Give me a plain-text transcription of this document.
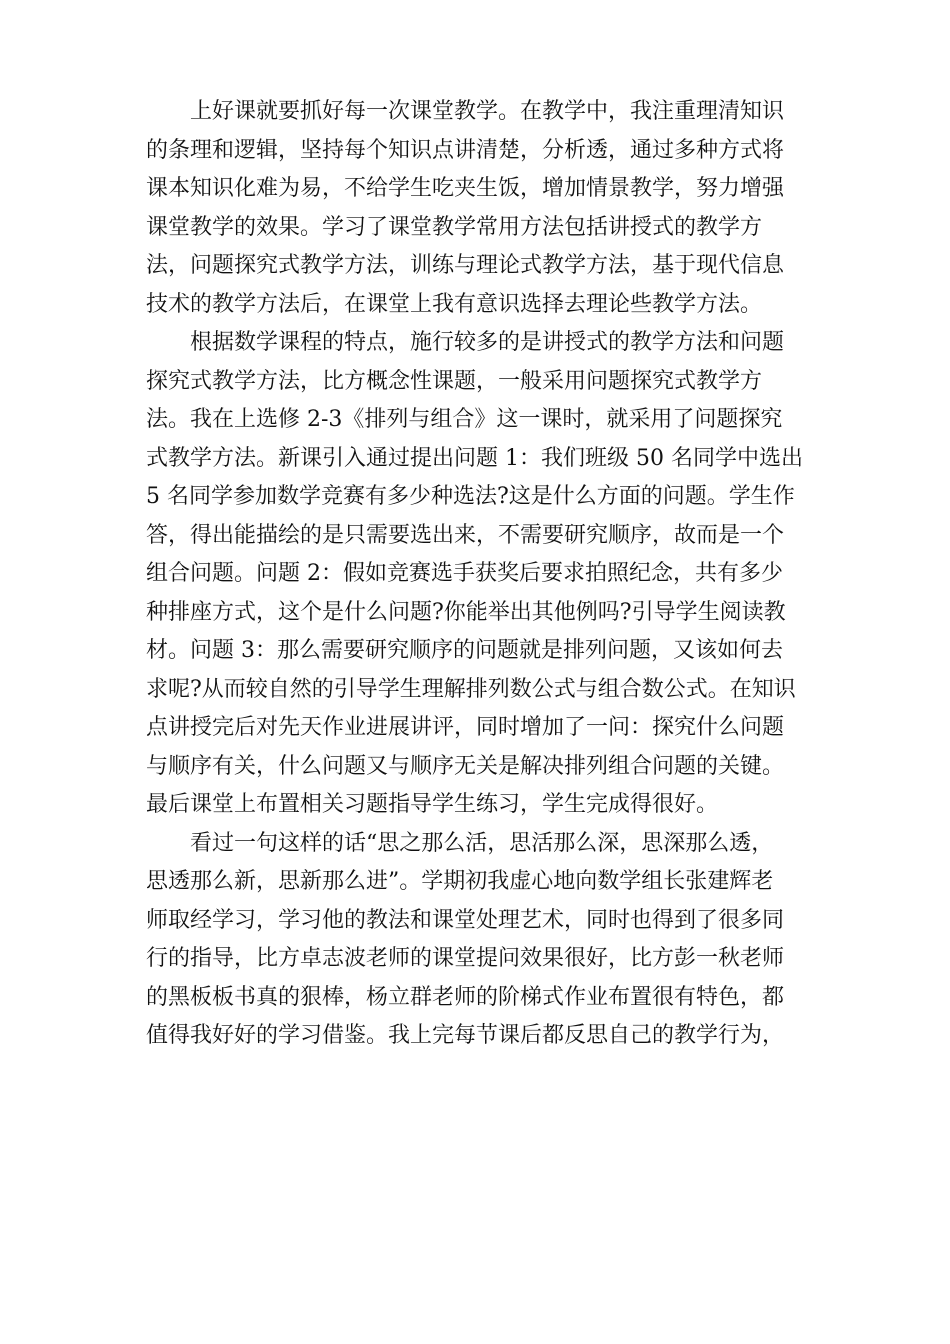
上好课就要抓好每一次课堂教学。在教学中，我注重理清知识
的条理和逻辑，坚持每个知识点讲清楚，分析透，通过多种方式将
课本知识化难为易，不给学生吃夹生饭，增加情景教学，努力增强
课堂教学的效果。学习了课堂教学常用方法包括讲授式的教学方
法，问题探究式教学方法，训练与理论式教学方法，基于现代信息
技术的教学方法后，在课堂上我有意识选择去理论些教学方法。
根据数学课程的特点，施行较多的是讲授式的教学方法和问题
探究式教学方法，比方概念性课题，一般采用问题探究式教学方
法。我在上选修 2-3《排列与组合》这一课时，就采用了问题探究
式教学方法。新课引入通过提出问题 1：我们班级 50 名同学中选出
5 名同学参加数学竞赛有多少种选法?这是什么方面的问题。学生作
答，得出能描绘的是只需要选出来，不需要研究顺序，故而是一个
组合问题。问题 2：假如竞赛选手获奖后要求拍照纪念，共有多少
种排座方式，这个是什么问题?你能举出其他例吗?引导学生阅读教
材。问题 3：那么需要研究顺序的问题就是排列问题，又该如何去
求呢?从而较自然的引导学生理解排列数公式与组合数公式。在知识
点讲授完后对先天作业进展讲评，同时增加了一问：探究什么问题
与顺序有关，什么问题又与顺序无关是解决排列组合问题的关键。
最后课堂上布置相关习题指导学生练习，学生完成得很好。
看过一句这样的话“思之那么活，思活那么深，思深那么透，
思透那么新，思新那么进”。学期初我虚心地向数学组长张建辉老
师取经学习，学习他的教法和课堂处理艺术，同时也得到了很多同
行的指导，比方卓志波老师的课堂提问效果很好，比方彭一秋老师
的黑板板书真的狠棒，杨立群老师的阶梯式作业布置很有特色，都
值得我好好的学习借鉴。我上完每节课后都反思自己的教学行为，
